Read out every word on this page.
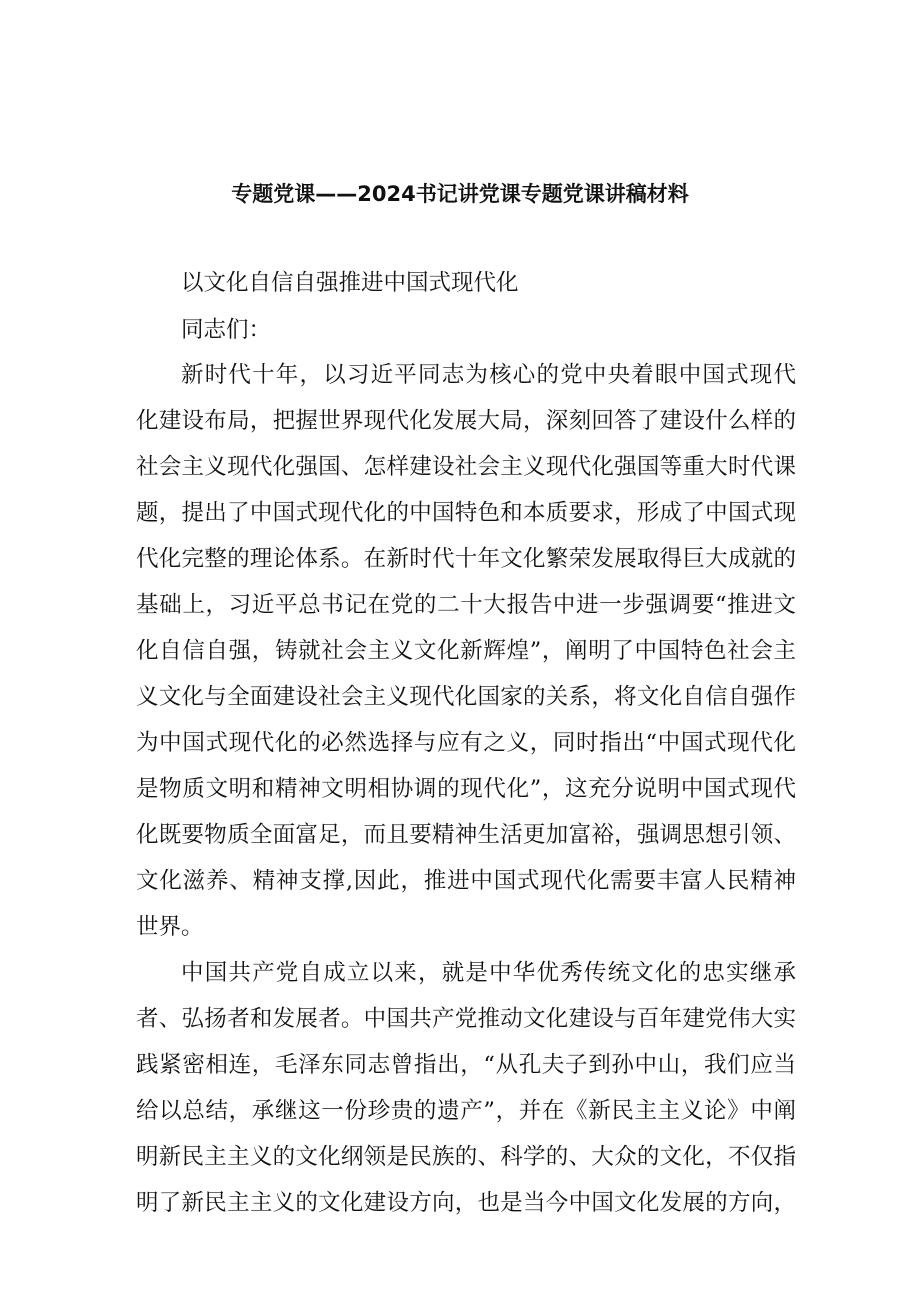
专题党课——2024书记讲党课专题党课讲稿材料
以文化自信自强推进中国式现代化
同志们：
新时代十年，以习近平同志为核心的党中央着眼中国式现代
化建设布局，把握世界现代化发展大局，深刻回答了建设什么样的
社会主义现代化强国、怎样建设社会主义现代化强国等重大时代课
题，提出了中国式现代化的中国特色和本质要求，形成了中国式现
代化完整的理论体系。在新时代十年文化繁荣发展取得巨大成就的
基础上，习近平总书记在党的二十大报告中进一步强调要“推进文
化自信自强，铸就社会主义文化新辉煌”，阐明了中国特色社会主
义文化与全面建设社会主义现代化国家的关系，将文化自信自强作
为中国式现代化的必然选择与应有之义，同时指出“中国式现代化
是物质文明和精神文明相协调的现代化”，这充分说明中国式现代
化既要物质全面富足，而且要精神生活更加富裕，强调思想引领、
文化滋养、精神支撑,因此，推进中国式现代化需要丰富人民精神
世界。
中国共产党自成立以来，就是中华优秀传统文化的忠实继承
者、弘扬者和发展者。中国共产党推动文化建设与百年建党伟大实
践紧密相连，毛泽东同志曾指出，“从孔夫子到孙中山，我们应当
给以总结，承继这一份珍贵的遗产”，并在《新民主主义论》中阐
明新民主主义的文化纲领是民族的、科学的、大众的文化，不仅指
明了新民主主义的文化建设方向，也是当今中国文化发展的方向，
